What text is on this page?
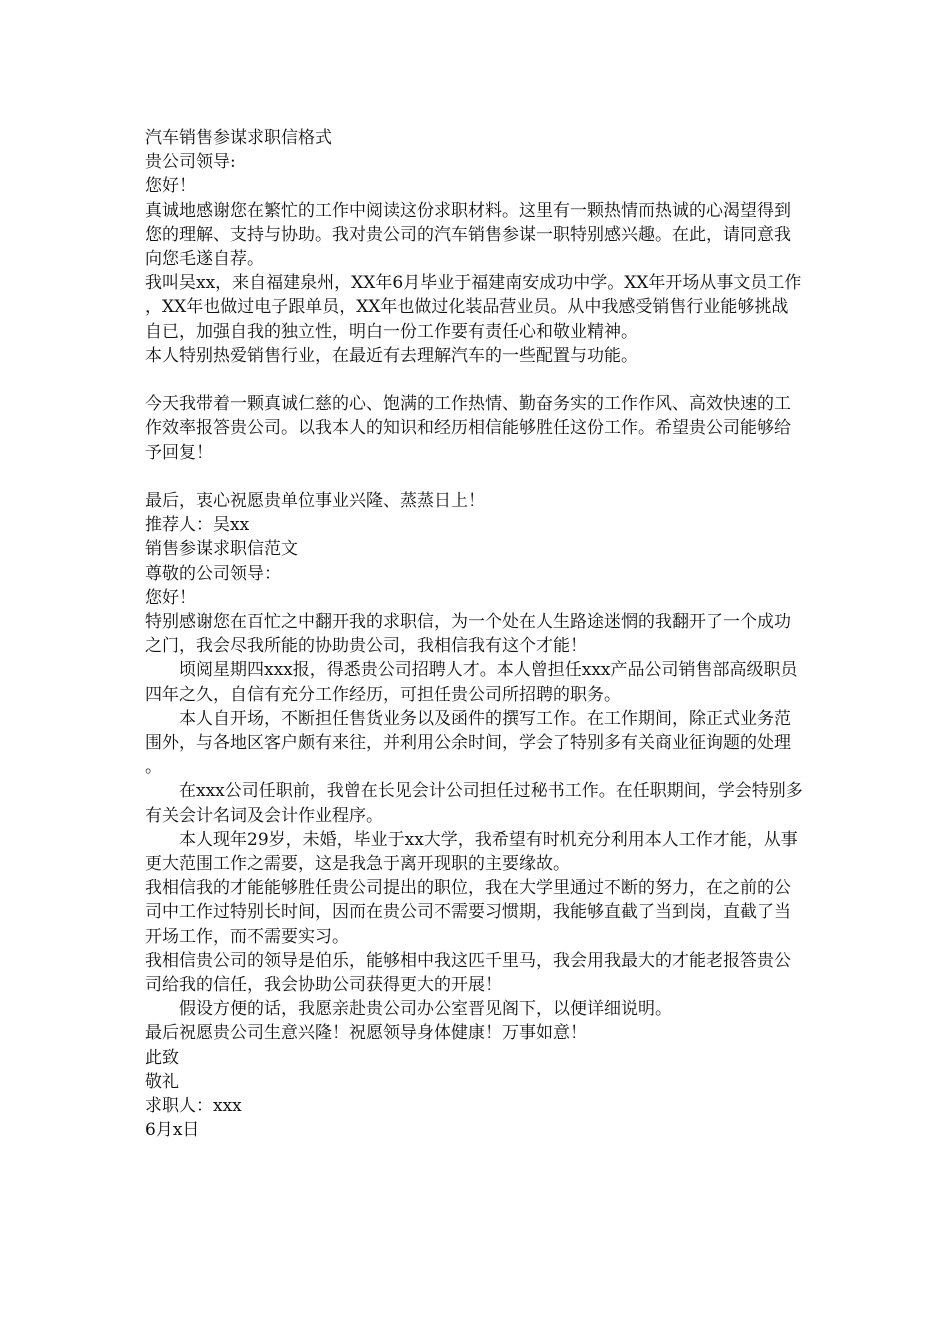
汽车销售参谋求职信格式
贵公司领导:
您好！
真诚地感谢您在繁忙的工作中阅读这份求职材料。这里有一颗热情而热诚的心渴望得到您的理解、支持与协助。我对贵公司的汽车销售参谋一职特别感兴趣。在此，请同意我向您毛遂自荐。
我叫吴xx，来自福建泉州，XX年6月毕业于福建南安成功中学。XX年开场从事文员工作，XX年也做过电子跟单员，XX年也做过化装品营业员。从中我感受销售行业能够挑战自已，加强自我的独立性，明白一份工作要有责任心和敬业精神。
本人特别热爱销售行业，在最近有去理解汽车的一些配置与功能。
今天我带着一颗真诚仁慈的心、饱满的工作热情、勤奋务实的工作作风、高效快速的工作效率报答贵公司。以我本人的知识和经历相信能够胜任这份工作。希望贵公司能够给予回复！
最后，衷心祝愿贵单位事业兴隆、蒸蒸日上！
推荐人：吴xx
销售参谋求职信范文
尊敬的公司领导：
您好！
特别感谢您在百忙之中翻开我的求职信，为一个处在人生路途迷惘的我翻开了一个成功之门，我会尽我所能的协助贵公司，我相信我有这个才能！
顷阅星期四xxx报，得悉贵公司招聘人才。本人曾担任xxx产品公司销售部高级职员四年之久，自信有充分工作经历，可担任贵公司所招聘的职务。
本人自开场，不断担任售货业务以及函件的撰写工作。在工作期间，除正式业务范围外，与各地区客户颇有来往，并利用公余时间，学会了特别多有关商业征询题的处理。
在xxx公司任职前，我曾在长见会计公司担任过秘书工作。在任职期间，学会特别多有关会计名词及会计作业程序。
本人现年29岁，未婚，毕业于xx大学，我希望有时机充分利用本人工作才能，从事更大范围工作之需要，这是我急于离开现职的主要缘故。
我相信我的才能能够胜任贵公司提出的职位，我在大学里通过不断的努力，在之前的公司中工作过特别长时间，因而在贵公司不需要习惯期，我能够直截了当到岗，直截了当开场工作，而不需要实习。
我相信贵公司的领导是伯乐，能够相中我这匹千里马，我会用我最大的才能老报答贵公司给我的信任，我会协助公司获得更大的开展！
假设方便的话，我愿亲赴贵公司办公室晋见阁下，以便详细说明。
最后祝愿贵公司生意兴隆！祝愿领导身体健康！万事如意！
此致
敬礼
求职人：xxx
6月x日
